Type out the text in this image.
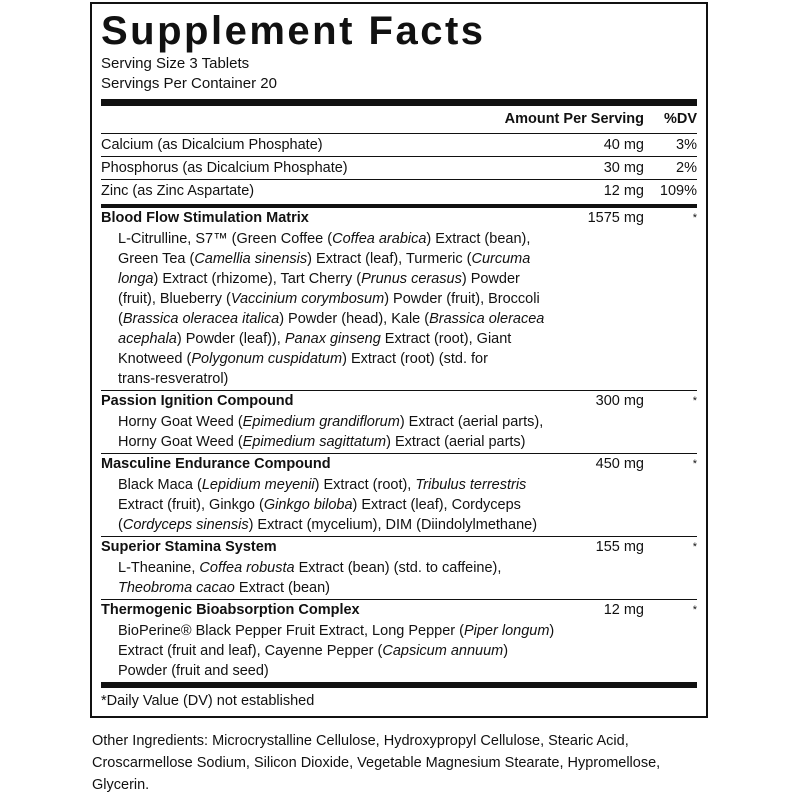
Supplement Facts
Serving Size 3 Tablets
Servings Per Container 20
Amount Per Serving	%DV
Calcium (as Dicalcium Phosphate)	40 mg	3%
Phosphorus (as Dicalcium Phosphate)	30 mg	2%
Zinc (as Zinc Aspartate)	12 mg	109%
Blood Flow Stimulation Matrix	1575 mg	*
L-Citrulline, S7™ (Green Coffee (Coffea arabica) Extract (bean),
Green Tea (Camellia sinensis) Extract (leaf), Turmeric (Curcuma
longa) Extract (rhizome), Tart Cherry (Prunus cerasus) Powder
(fruit), Blueberry (Vaccinium corymbosum) Powder (fruit), Broccoli
(Brassica oleracea italica) Powder (head), Kale (Brassica oleracea
acephala) Powder (leaf)), Panax ginseng Extract (root), Giant
Knotweed (Polygonum cuspidatum) Extract (root) (std. for
trans-resveratrol)
Passion Ignition Compound	300 mg	*
Horny Goat Weed (Epimedium grandiflorum) Extract (aerial parts),
Horny Goat Weed (Epimedium sagittatum) Extract (aerial parts)
Masculine Endurance Compound	450 mg	*
Black Maca (Lepidium meyenii) Extract (root), Tribulus terrestris
Extract (fruit), Ginkgo (Ginkgo biloba) Extract (leaf), Cordyceps
(Cordyceps sinensis) Extract (mycelium), DIM (Diindolylmethane)
Superior Stamina System	155 mg	*
L-Theanine, Coffea robusta Extract (bean) (std. to caffeine),
Theobroma cacao Extract (bean)
Thermogenic Bioabsorption Complex	12 mg	*
BioPerine® Black Pepper Fruit Extract, Long Pepper (Piper longum)
Extract (fruit and leaf), Cayenne Pepper (Capsicum annuum)
Powder (fruit and seed)
*Daily Value (DV) not established
Other Ingredients: Microcrystalline Cellulose, Hydroxypropyl Cellulose, Stearic Acid, Croscarmellose Sodium, Silicon Dioxide, Vegetable Magnesium Stearate, Hypromellose, Glycerin.
